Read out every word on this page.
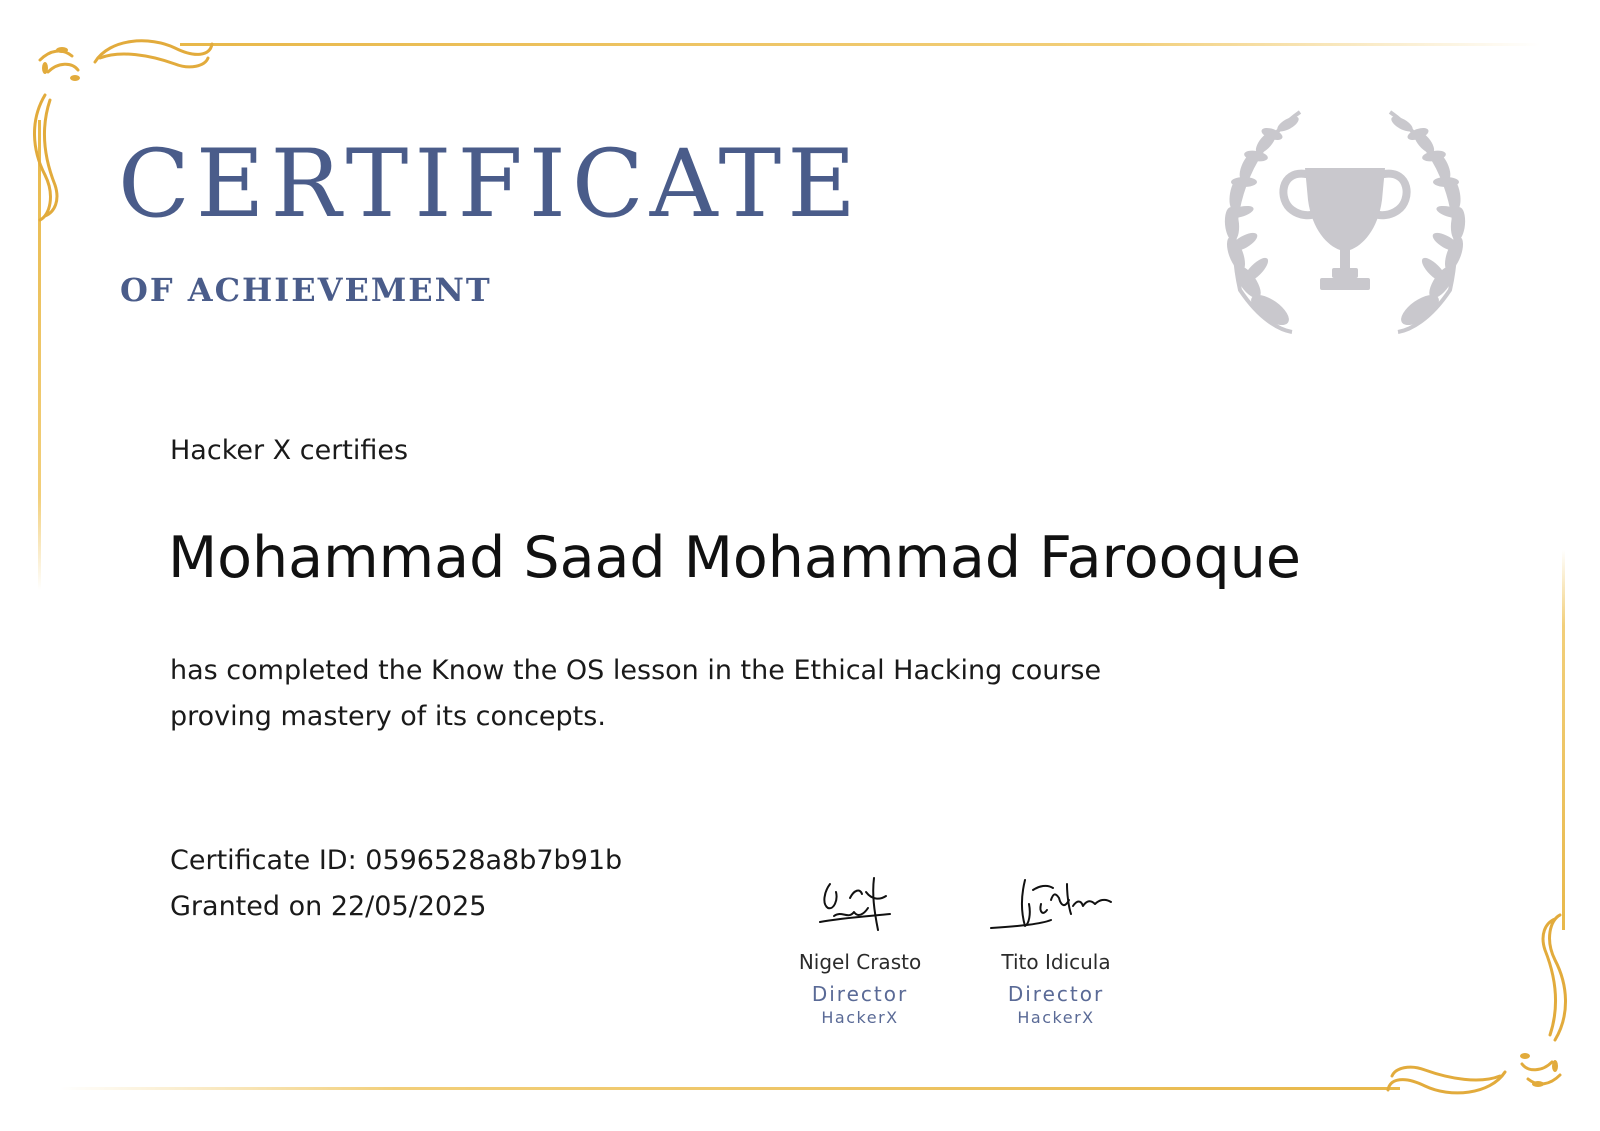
CERTIFICATE
OF ACHIEVEMENT
Hacker X certifies
Mohammad Saad Mohammad Farooque
has completed the Know the OS lesson in the Ethical Hacking course
proving mastery of its concepts.
Certificate ID: 0596528a8b7b91b
Granted on 22/05/2025
Nigel Crasto
Director
HackerX
Tito Idicula
Director
HackerX
